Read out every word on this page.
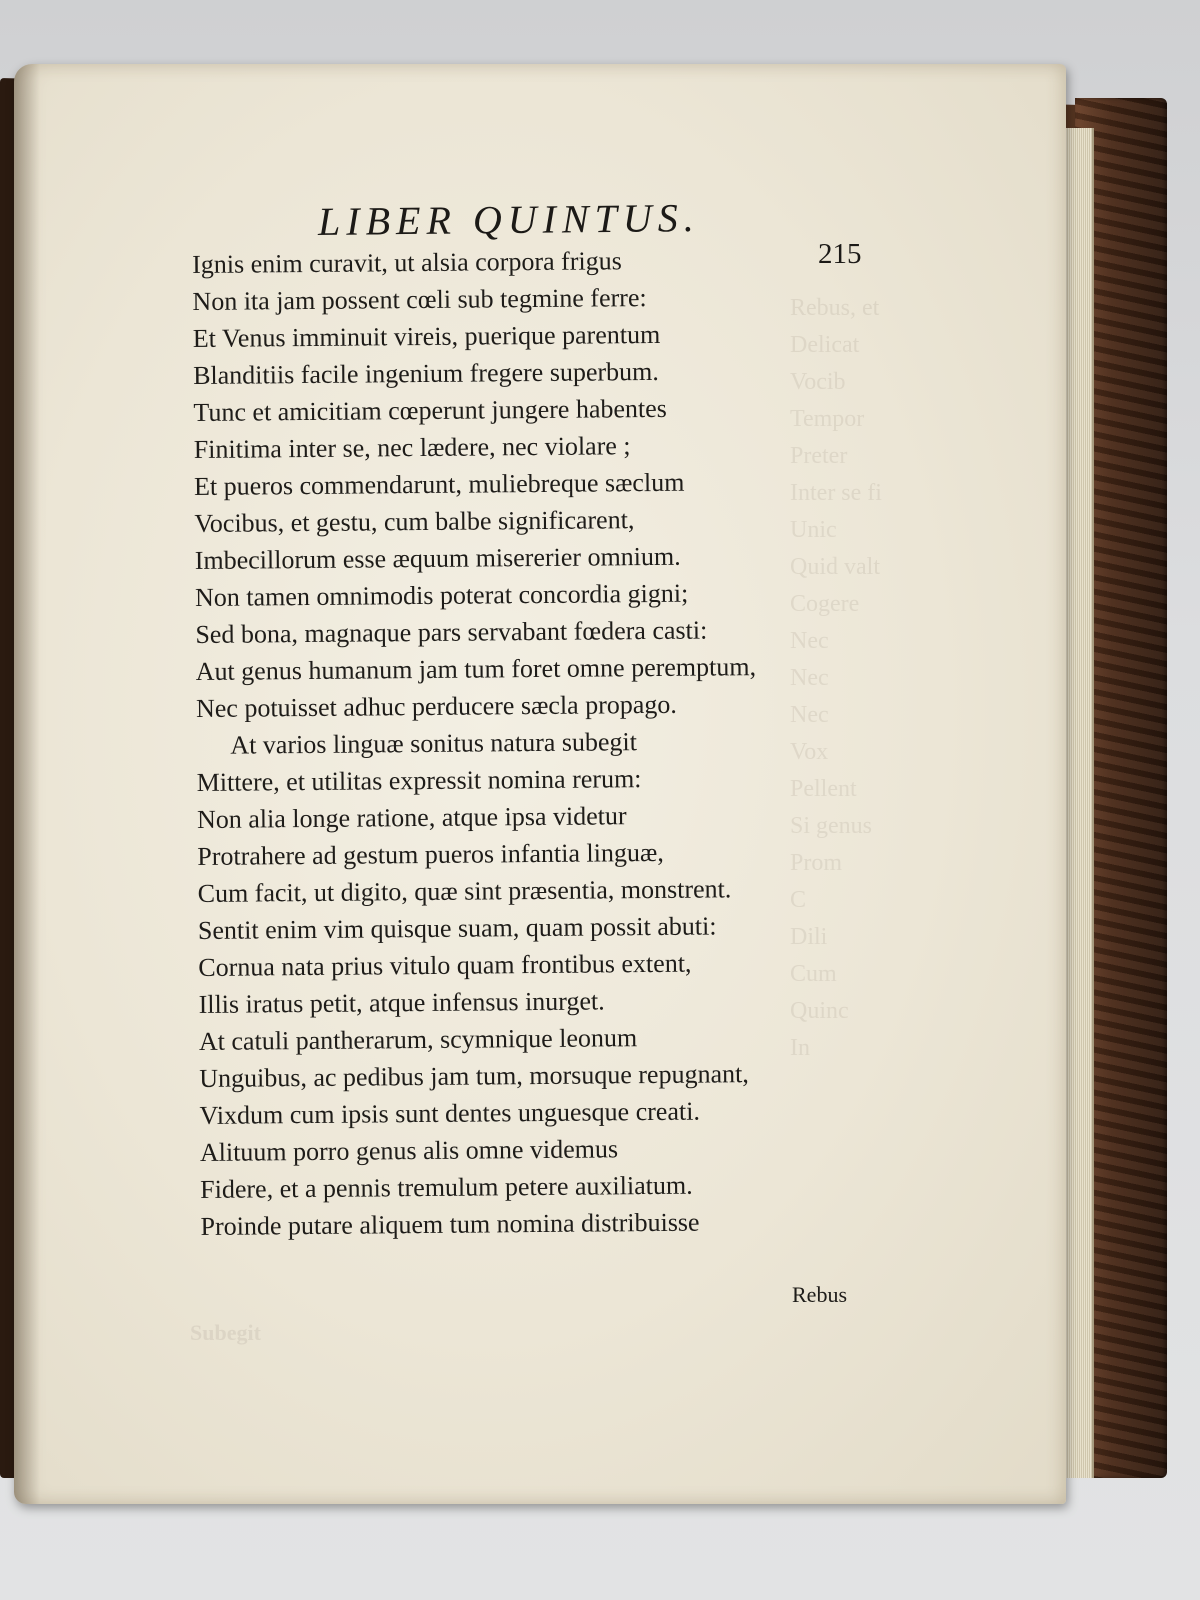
LIBER QUINTUS.
215
Ignis enim curavit, ut alsia corpora frigus
Non ita jam possent cœli sub tegmine ferre:
Et Venus imminuit vireis, puerique parentum
Blanditiis facile ingenium fregere superbum.
Tunc et amicitiam cœperunt jungere habentes
Finitima inter se, nec lædere, nec violare ;
Et pueros commendarunt, muliebreque sæclum
Vocibus, et gestu, cum balbe significarent,
Imbecillorum esse æquum misererier omnium.
Non tamen omnimodis poterat concordia gigni;
Sed bona, magnaque pars servabant fœdera casti:
Aut genus humanum jam tum foret omne peremptum,
Nec potuisset adhuc perducere sæcla propago.
At varios linguæ sonitus natura subegit
Mittere, et utilitas expressit nomina rerum:
Non alia longe ratione, atque ipsa videtur
Protrahere ad gestum pueros infantia linguæ,
Cum facit, ut digito, quæ sint præsentia, monstrent.
Sentit enim vim quisque suam, quam possit abuti:
Cornua nata prius vitulo quam frontibus extent,
Illis iratus petit, atque infensus inurget.
At catuli pantherarum, scymnique leonum
Unguibus, ac pedibus jam tum, morsuque repugnant,
Vixdum cum ipsis sunt dentes unguesque creati.
Alituum porro genus alis omne videmus
Fidere, et a pennis tremulum petere auxiliatum.
Proinde putare aliquem tum nomina distribuisse
Rebus
Subegit
